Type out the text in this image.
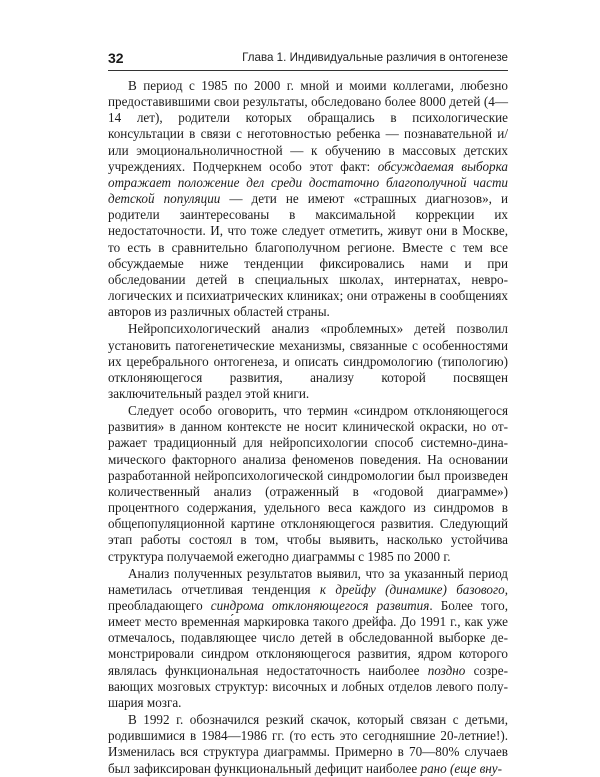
32	Глава 1. Индивидуальные различия в онтогенезе

В период с 1985 по 2000 г. мной и моими коллегами, любезно предоставившими свои результаты, обследовано более 8000 детей (4—14 лет), родители которых обращались в психологические консультации в связи с неготовностью ребенка — познавательной и/или эмоциональноличностной — к обучению в массовых детских учреждениях. Подчеркнем особо этот факт: обсуждаемая выборка отражает положение дел среди достаточно благополучной части детской популяции — дети не имеют «страшных диагнозов», и родители заинтересованы в максимальной коррекции их недостаточности. И, что тоже следует отметить, живут они в Москве, то есть в сравнительно благополучном регионе. Вместе с тем все обсуждаемые ниже тенденции фиксировались нами и при обследовании детей в специальных школах, интернатах, неврологических и психиатрических клиниках; они отражены в сообщениях авторов из различных областей страны.

Нейропсихологический анализ «проблемных» детей позволил установить патогенетические механизмы, связанные с особенностями их церебрального онтогенеза, и описать синдромологию (типологию) отклоняющегося развития, анализу которой посвящен заключительный раздел этой книги.

Следует особо оговорить, что термин «синдром отклоняющегося развития» в данном контексте не носит клинической окраски, но отражает традиционный для нейропсихологии способ системно-динамического факторного анализа феноменов поведения. На основании разработанной нейропсихологической синдромологии был произведен количественный анализ (отраженный в «годовой диаграмме») процентного содержания, удельного веса каждого из синдромов в общепопуляционной картине отклоняющегося развития. Следующий этап работы состоял в том, чтобы выявить, насколько устойчива структура получаемой ежегодно диаграммы с 1985 по 2000 г.

Анализ полученных результатов выявил, что за указанный период наметилась отчетливая тенденция к дрейфу (динамике) базового, преобладающего синдрома отклоняющегося развития. Более того, имеет место временна́я маркировка такого дрейфа. До 1991 г., как уже отмечалось, подавляющее число детей в обследованной выборке демонстрировали синдром отклоняющегося развития, ядром которого являлась функциональная недостаточность наиболее поздно созревающих мозговых структур: височных и лобных отделов левого полушария мозга.

В 1992 г. обозначился резкий скачок, который связан с детьми, родившимися в 1984—1986 гг. (то есть это сегодняшние 20-летние!). Изменилась вся структура диаграммы. Примерно в 70—80% случаев был зафиксирован функциональный дефицит наиболее рано (еще вну-
